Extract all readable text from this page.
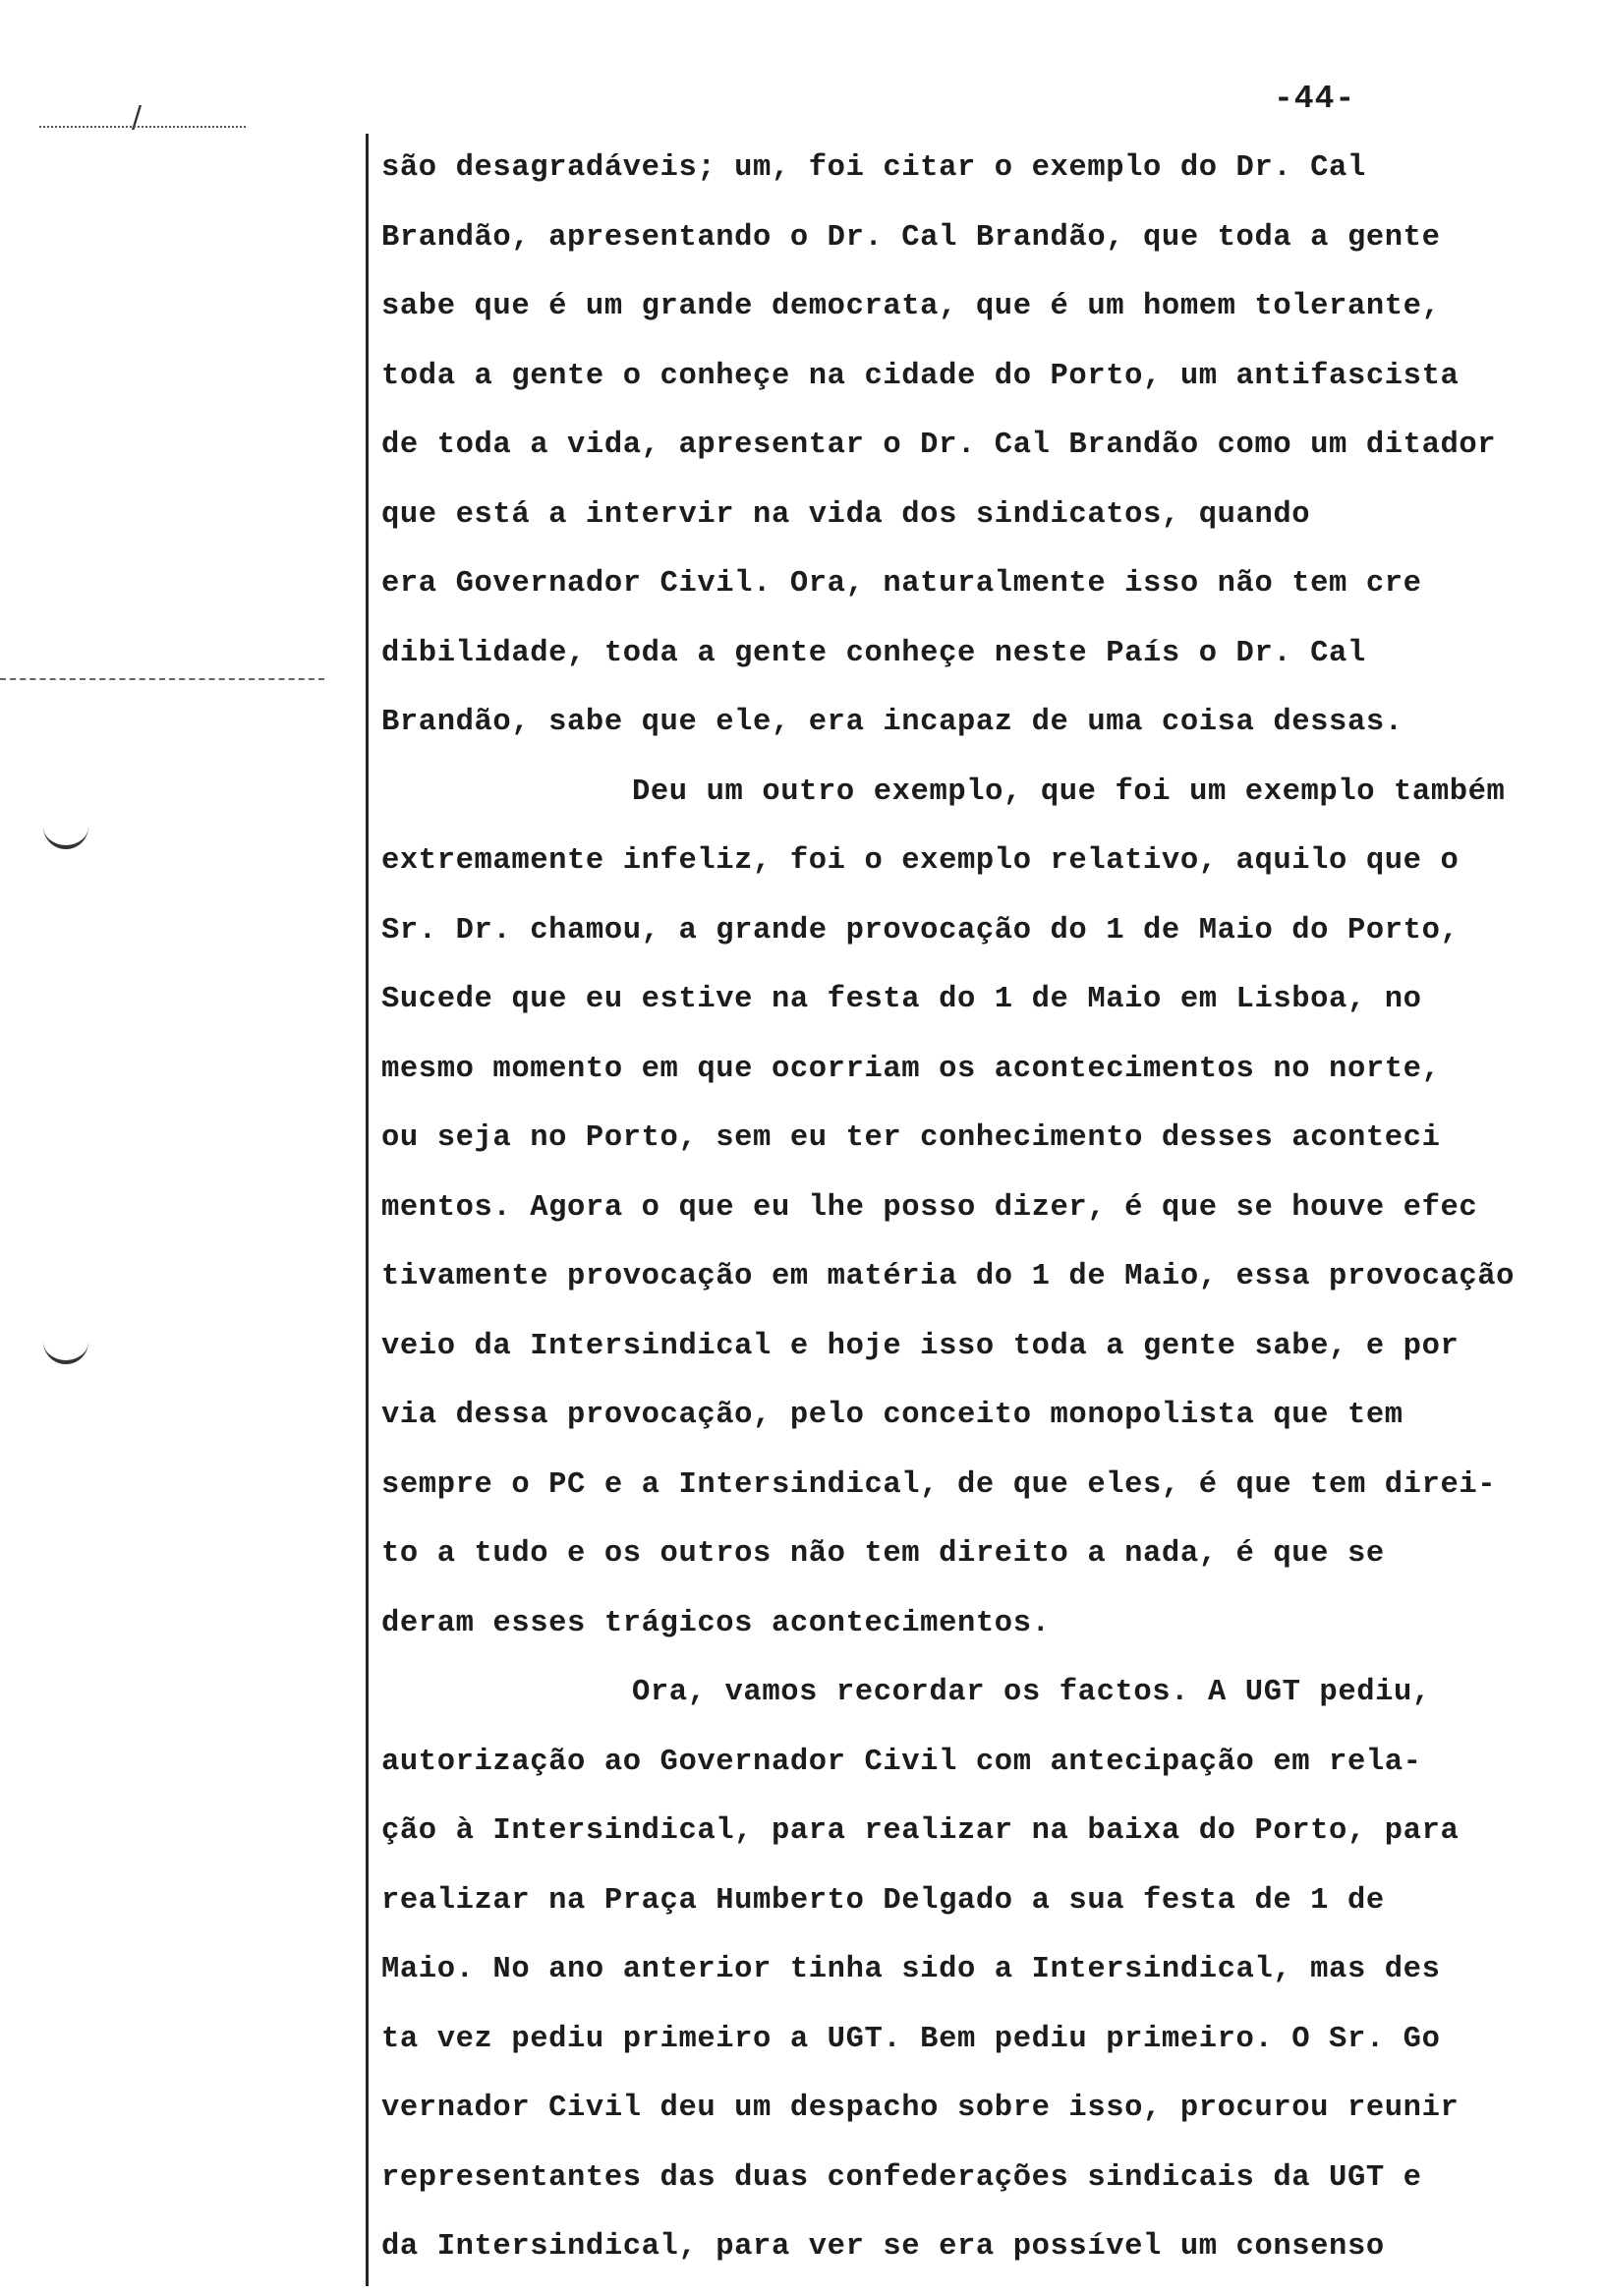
-44-
/
são desagradáveis; um, foi citar o exemplo do Dr. Cal
Brandão, apresentando o Dr. Cal Brandão, que toda a gente
sabe que é um grande democrata, que é um homem tolerante,
toda a gente o conheçe na cidade do Porto, um antifascista
de toda a vida, apresentar o Dr. Cal Brandão como um ditador
que está a intervir na vida dos sindicatos, quando
era Governador Civil. Ora, naturalmente isso não tem cre
dibilidade, toda a gente conheçe neste País o Dr. Cal
Brandão, sabe que ele, era incapaz de uma coisa dessas.
Deu um outro exemplo, que foi um exemplo também
extremamente infeliz, foi o exemplo relativo, aquilo que o
Sr. Dr. chamou, a grande provocação do 1 de Maio do Porto,
Sucede que eu estive na festa do 1 de Maio em Lisboa, no
mesmo momento em que ocorriam os acontecimentos no norte,
ou seja no Porto, sem eu ter conhecimento desses aconteci
mentos. Agora o que eu lhe posso dizer, é que se houve efec
tivamente provocação em matéria do 1 de Maio, essa provocação
veio da Intersindical e hoje isso toda a gente sabe, e por
via dessa provocação, pelo conceito monopolista que tem
sempre o PC e a Intersindical, de que eles, é que tem direi-
to a tudo e os outros não tem direito a nada, é que se
deram esses trágicos acontecimentos.
Ora, vamos recordar os factos. A UGT pediu,
autorização ao Governador Civil com antecipação em rela-
ção à Intersindical, para realizar na baixa do Porto, para
realizar na Praça Humberto Delgado a sua festa de 1 de
Maio. No ano anterior tinha sido a Intersindical, mas des
ta vez pediu primeiro a UGT. Bem pediu primeiro. O Sr. Go
vernador Civil deu um despacho sobre isso, procurou reunir
representantes das duas confederações sindicais da UGT e
da Intersindical, para ver se era possível um consenso
